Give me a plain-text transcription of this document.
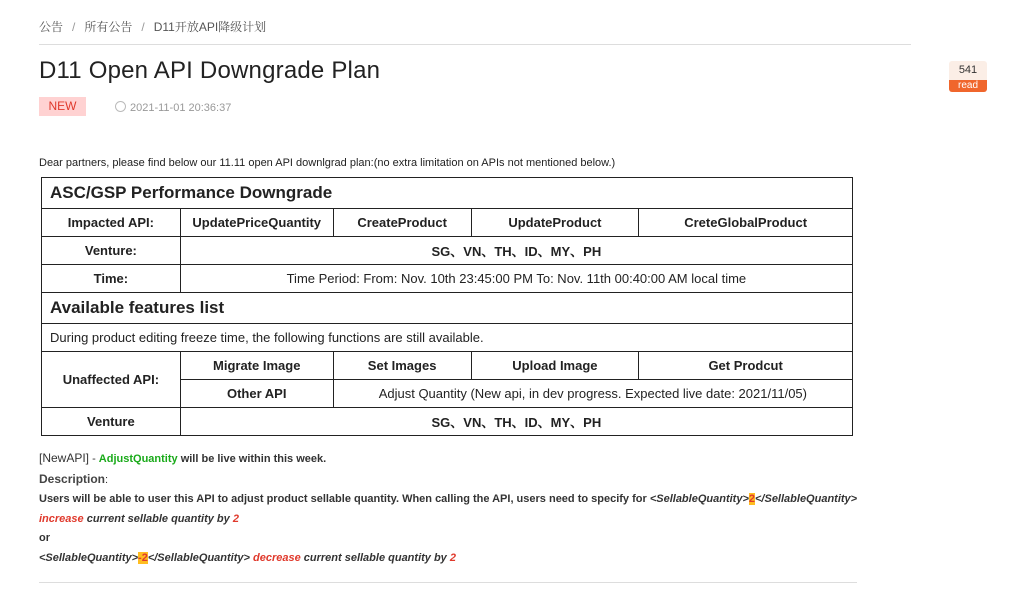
公告 / 所有公告 / D11开放API降级计划
D11 Open API Downgrade Plan
NEW	2021-11-01 20:36:37
541
read
Dear partners, please find below our 11.11 open API downlgrad plan:(no extra limitation on APIs not mentioned below.)
ASC/GSP Performance Downgrade				
Impacted API:	UpdatePriceQuantity	CreateProduct	UpdateProduct	CreteGlobalProduct
Venture:	SG、VN、TH、ID、MY、PH			
Time:	Time Period: From: Nov. 10th 23:45:00 PM To: Nov. 11th 00:40:00 AM local time			
Available features list				
During product editing freeze time, the following functions are still available.				
Unaffected API:	Migrate Image	Set Images	Upload Image	Get Prodcut
	Other API	Adjust Quantity (New api, in dev progress. Expected live date: 2021/11/05)		
Venture	SG、VN、TH、ID、MY、PH			
[NewAPI] - AdjustQuantity will be live within this week.
Description:
Users will be able to user this API to adjust product sellable quantity. When calling the API, users need to specify for <SellableQuantity>2</SellableQuantity>
increase current sellable quantity by 2
or
<SellableQuantity>-2</SellableQuantity> decrease current sellable quantity by 2
